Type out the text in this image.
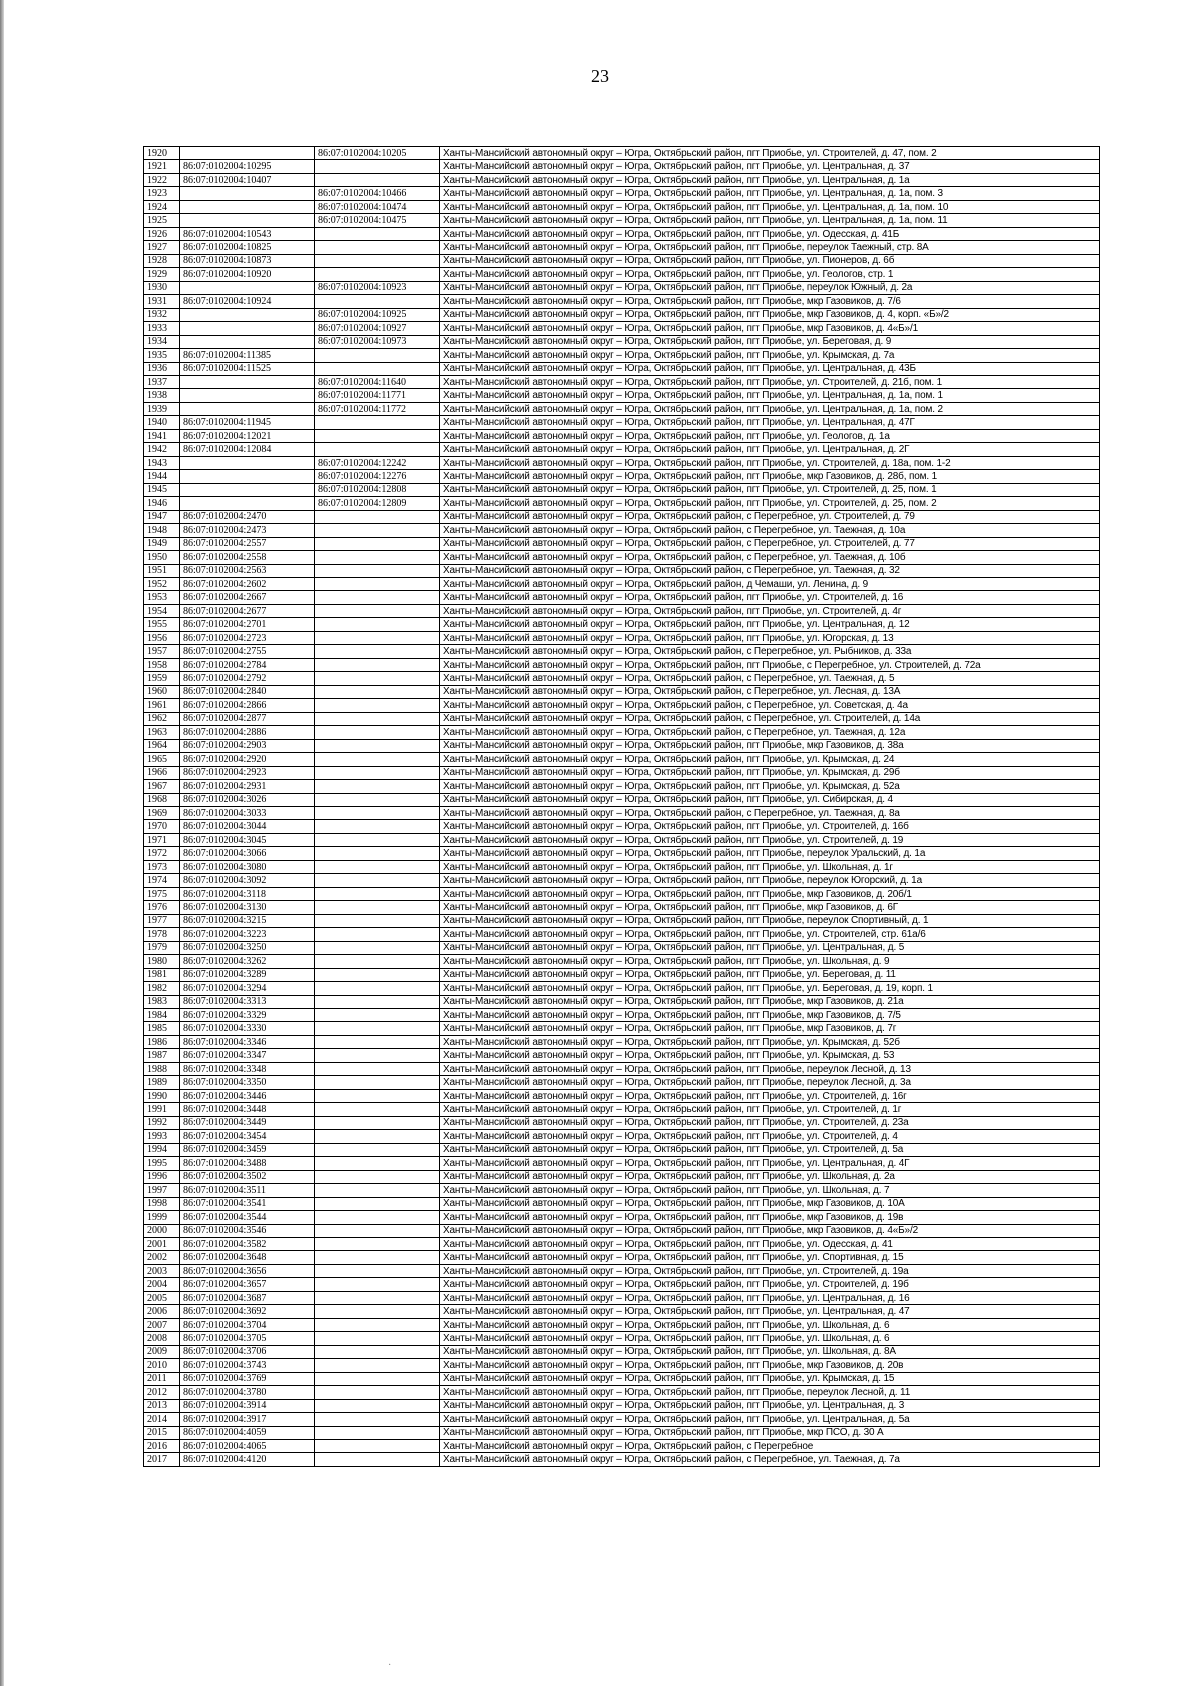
23
1920		86:07:0102004:10205	Ханты-Мансийский автономный округ – Югра, Октябрьский район, пгт Приобье, ул. Строителей, д. 47, пом. 2
1921	86:07:0102004:10295		Ханты-Мансийский автономный округ – Югра, Октябрьский район, пгт Приобье, ул. Центральная, д. 37
1922	86:07:0102004:10407		Ханты-Мансийский автономный округ – Югра, Октябрьский район, пгт Приобье, ул. Центральная, д. 1а
1923		86:07:0102004:10466	Ханты-Мансийский автономный округ – Югра, Октябрьский район, пгт Приобье, ул. Центральная, д. 1а, пом. 3
1924		86:07:0102004:10474	Ханты-Мансийский автономный округ – Югра, Октябрьский район, пгт Приобье, ул. Центральная, д. 1а, пом. 10
1925		86:07:0102004:10475	Ханты-Мансийский автономный округ – Югра, Октябрьский район, пгт Приобье, ул. Центральная, д. 1а, пом. 11
1926	86:07:0102004:10543		Ханты-Мансийский автономный округ – Югра, Октябрьский район, пгт Приобье, ул. Одесская, д. 41Б
1927	86:07:0102004:10825		Ханты-Мансийский автономный округ – Югра, Октябрьский район, пгт Приобье, переулок Таежный, стр. 8А
1928	86:07:0102004:10873		Ханты-Мансийский автономный округ – Югра, Октябрьский район, пгт Приобье, ул. Пионеров, д. 6б
1929	86:07:0102004:10920		Ханты-Мансийский автономный округ – Югра, Октябрьский район, пгт Приобье, ул. Геологов, стр. 1
1930		86:07:0102004:10923	Ханты-Мансийский автономный округ – Югра, Октябрьский район, пгт Приобье, переулок Южный, д. 2а
1931	86:07:0102004:10924		Ханты-Мансийский автономный округ – Югра, Октябрьский район, пгт Приобье, мкр Газовиков, д. 7/6
1932		86:07:0102004:10925	Ханты-Мансийский автономный округ – Югра, Октябрьский район, пгт Приобье, мкр Газовиков, д. 4, корп. «Б»/2
1933		86:07:0102004:10927	Ханты-Мансийский автономный округ – Югра, Октябрьский район, пгт Приобье, мкр Газовиков, д. 4«Б»/1
1934		86:07:0102004:10973	Ханты-Мансийский автономный округ – Югра, Октябрьский район, пгт Приобье, ул. Береговая, д. 9
1935	86:07:0102004:11385		Ханты-Мансийский автономный округ – Югра, Октябрьский район, пгт Приобье, ул. Крымская, д. 7а
1936	86:07:0102004:11525		Ханты-Мансийский автономный округ – Югра, Октябрьский район, пгт Приобье, ул. Центральная, д. 43Б
1937		86:07:0102004:11640	Ханты-Мансийский автономный округ – Югра, Октябрьский район, пгт Приобье, ул. Строителей, д. 21б, пом. 1
1938		86:07:0102004:11771	Ханты-Мансийский автономный округ – Югра, Октябрьский район, пгт Приобье, ул. Центральная, д. 1а, пом. 1
1939		86:07:0102004:11772	Ханты-Мансийский автономный округ – Югра, Октябрьский район, пгт Приобье, ул. Центральная, д. 1а, пом. 2
1940	86:07:0102004:11945		Ханты-Мансийский автономный округ – Югра, Октябрьский район, пгт Приобье, ул. Центральная, д. 47Г
1941	86:07:0102004:12021		Ханты-Мансийский автономный округ – Югра, Октябрьский район, пгт Приобье, ул. Геологов, д. 1а
1942	86:07:0102004:12084		Ханты-Мансийский автономный округ – Югра, Октябрьский район, пгт Приобье, ул. Центральная, д. 2Г
1943		86:07:0102004:12242	Ханты-Мансийский автономный округ – Югра, Октябрьский район, пгт Приобье, ул. Строителей, д. 18а, пом. 1-2
1944		86:07:0102004:12276	Ханты-Мансийский автономный округ – Югра, Октябрьский район, пгт Приобье, мкр Газовиков, д. 28б, пом. 1
1945		86:07:0102004:12808	Ханты-Мансийский автономный округ – Югра, Октябрьский район, пгт Приобье, ул. Строителей, д. 25, пом. 1
1946		86:07:0102004:12809	Ханты-Мансийский автономный округ – Югра, Октябрьский район, пгт Приобье, ул. Строителей, д. 25, пом. 2
1947	86:07:0102004:2470		Ханты-Мансийский автономный округ – Югра, Октябрьский район, с Перегребное, ул. Строителей, д. 79
1948	86:07:0102004:2473		Ханты-Мансийский автономный округ – Югра, Октябрьский район, с Перегребное, ул. Таежная, д. 10а
1949	86:07:0102004:2557		Ханты-Мансийский автономный округ – Югра, Октябрьский район, с Перегребное, ул. Строителей, д. 77
1950	86:07:0102004:2558		Ханты-Мансийский автономный округ – Югра, Октябрьский район, с Перегребное, ул. Таежная, д. 10б
1951	86:07:0102004:2563		Ханты-Мансийский автономный округ – Югра, Октябрьский район, с Перегребное, ул. Таежная, д. 32
1952	86:07:0102004:2602		Ханты-Мансийский автономный округ – Югра, Октябрьский район, д Чемаши, ул. Ленина, д. 9
1953	86:07:0102004:2667		Ханты-Мансийский автономный округ – Югра, Октябрьский район, пгт Приобье, ул. Строителей, д. 16
1954	86:07:0102004:2677		Ханты-Мансийский автономный округ – Югра, Октябрьский район, пгт Приобье, ул. Строителей, д. 4г
1955	86:07:0102004:2701		Ханты-Мансийский автономный округ – Югра, Октябрьский район, пгт Приобье, ул. Центральная, д. 12
1956	86:07:0102004:2723		Ханты-Мансийский автономный округ – Югра, Октябрьский район, пгт Приобье, ул. Югорская, д. 13
1957	86:07:0102004:2755		Ханты-Мансийский автономный округ – Югра, Октябрьский район, с Перегребное, ул. Рыбников, д. 33а
1958	86:07:0102004:2784		Ханты-Мансийский автономный округ – Югра, Октябрьский район, пгт Приобье, с Перегребное, ул. Строителей, д. 72а
1959	86:07:0102004:2792		Ханты-Мансийский автономный округ – Югра, Октябрьский район, с Перегребное, ул. Таежная, д. 5
1960	86:07:0102004:2840		Ханты-Мансийский автономный округ – Югра, Октябрьский район, с Перегребное, ул. Лесная, д. 13А
1961	86:07:0102004:2866		Ханты-Мансийский автономный округ – Югра, Октябрьский район, с Перегребное, ул. Советская, д. 4а
1962	86:07:0102004:2877		Ханты-Мансийский автономный округ – Югра, Октябрьский район, с Перегребное, ул. Строителей, д. 14а
1963	86:07:0102004:2886		Ханты-Мансийский автономный округ – Югра, Октябрьский район, с Перегребное, ул. Таежная, д. 12а
1964	86:07:0102004:2903		Ханты-Мансийский автономный округ – Югра, Октябрьский район, пгт Приобье, мкр Газовиков, д. 38а
1965	86:07:0102004:2920		Ханты-Мансийский автономный округ – Югра, Октябрьский район, пгт Приобье, ул. Крымская, д. 24
1966	86:07:0102004:2923		Ханты-Мансийский автономный округ – Югра, Октябрьский район, пгт Приобье, ул. Крымская, д. 29б
1967	86:07:0102004:2931		Ханты-Мансийский автономный округ – Югра, Октябрьский район, пгт Приобье, ул. Крымская, д. 52а
1968	86:07:0102004:3026		Ханты-Мансийский автономный округ – Югра, Октябрьский район, пгт Приобье, ул. Сибирская, д. 4
1969	86:07:0102004:3033		Ханты-Мансийский автономный округ – Югра, Октябрьский район, с Перегребное, ул. Таежная, д. 8а
1970	86:07:0102004:3044		Ханты-Мансийский автономный округ – Югра, Октябрьский район, пгт Приобье, ул. Строителей, д. 16б
1971	86:07:0102004:3045		Ханты-Мансийский автономный округ – Югра, Октябрьский район, пгт Приобье, ул. Строителей, д. 19
1972	86:07:0102004:3066		Ханты-Мансийский автономный округ – Югра, Октябрьский район, пгт Приобье, переулок Уральский, д. 1а
1973	86:07:0102004:3080		Ханты-Мансийский автономный округ – Югра, Октябрьский район, пгт Приобье, ул. Школьная, д. 1г
1974	86:07:0102004:3092		Ханты-Мансийский автономный округ – Югра, Октябрьский район, пгт Приобье, переулок Югорский, д. 1а
1975	86:07:0102004:3118		Ханты-Мансийский автономный округ – Югра, Октябрьский район, пгт Приобье, мкр Газовиков, д. 20б/1
1976	86:07:0102004:3130		Ханты-Мансийский автономный округ – Югра, Октябрьский район, пгт Приобье, мкр Газовиков, д. 6Г
1977	86:07:0102004:3215		Ханты-Мансийский автономный округ – Югра, Октябрьский район, пгт Приобье, переулок Спортивный, д. 1
1978	86:07:0102004:3223		Ханты-Мансийский автономный округ – Югра, Октябрьский район, пгт Приобье, ул. Строителей, стр. 61а/6
1979	86:07:0102004:3250		Ханты-Мансийский автономный округ – Югра, Октябрьский район, пгт Приобье, ул. Центральная, д. 5
1980	86:07:0102004:3262		Ханты-Мансийский автономный округ – Югра, Октябрьский район, пгт Приобье, ул. Школьная, д. 9
1981	86:07:0102004:3289		Ханты-Мансийский автономный округ – Югра, Октябрьский район, пгт Приобье, ул. Береговая, д. 11
1982	86:07:0102004:3294		Ханты-Мансийский автономный округ – Югра, Октябрьский район, пгт Приобье, ул. Береговая, д. 19, корп. 1
1983	86:07:0102004:3313		Ханты-Мансийский автономный округ – Югра, Октябрьский район, пгт Приобье, мкр Газовиков, д. 21а
1984	86:07:0102004:3329		Ханты-Мансийский автономный округ – Югра, Октябрьский район, пгт Приобье, мкр Газовиков, д. 7/5
1985	86:07:0102004:3330		Ханты-Мансийский автономный округ – Югра, Октябрьский район, пгт Приобье, мкр Газовиков, д. 7г
1986	86:07:0102004:3346		Ханты-Мансийский автономный округ – Югра, Октябрьский район, пгт Приобье, ул. Крымская, д. 52б
1987	86:07:0102004:3347		Ханты-Мансийский автономный округ – Югра, Октябрьский район, пгт Приобье, ул. Крымская, д. 53
1988	86:07:0102004:3348		Ханты-Мансийский автономный округ – Югра, Октябрьский район, пгт Приобье, переулок Лесной, д. 13
1989	86:07:0102004:3350		Ханты-Мансийский автономный округ – Югра, Октябрьский район, пгт Приобье, переулок Лесной, д. 3а
1990	86:07:0102004:3446		Ханты-Мансийский автономный округ – Югра, Октябрьский район, пгт Приобье, ул. Строителей, д. 16г
1991	86:07:0102004:3448		Ханты-Мансийский автономный округ – Югра, Октябрьский район, пгт Приобье, ул. Строителей, д. 1г
1992	86:07:0102004:3449		Ханты-Мансийский автономный округ – Югра, Октябрьский район, пгт Приобье, ул. Строителей, д. 23а
1993	86:07:0102004:3454		Ханты-Мансийский автономный округ – Югра, Октябрьский район, пгт Приобье, ул. Строителей, д. 4
1994	86:07:0102004:3459		Ханты-Мансийский автономный округ – Югра, Октябрьский район, пгт Приобье, ул. Строителей, д. 5а
1995	86:07:0102004:3488		Ханты-Мансийский автономный округ – Югра, Октябрьский район, пгт Приобье, ул. Центральная, д. 4Г
1996	86:07:0102004:3502		Ханты-Мансийский автономный округ – Югра, Октябрьский район, пгт Приобье, ул. Школьная, д. 2а
1997	86:07:0102004:3511		Ханты-Мансийский автономный округ – Югра, Октябрьский район, пгт Приобье, ул. Школьная, д. 7
1998	86:07:0102004:3541		Ханты-Мансийский автономный округ – Югра, Октябрьский район, пгт Приобье, мкр Газовиков, д. 10А
1999	86:07:0102004:3544		Ханты-Мансийский автономный округ – Югра, Октябрьский район, пгт Приобье, мкр Газовиков, д. 19в
2000	86:07:0102004:3546		Ханты-Мансийский автономный округ – Югра, Октябрьский район, пгт Приобье, мкр Газовиков, д. 4«Б»/2
2001	86:07:0102004:3582		Ханты-Мансийский автономный округ – Югра, Октябрьский район, пгт Приобье, ул. Одесская, д. 41
2002	86:07:0102004:3648		Ханты-Мансийский автономный округ – Югра, Октябрьский район, пгт Приобье, ул. Спортивная, д. 15
2003	86:07:0102004:3656		Ханты-Мансийский автономный округ – Югра, Октябрьский район, пгт Приобье, ул. Строителей, д. 19а
2004	86:07:0102004:3657		Ханты-Мансийский автономный округ – Югра, Октябрьский район, пгт Приобье, ул. Строителей, д. 19б
2005	86:07:0102004:3687		Ханты-Мансийский автономный округ – Югра, Октябрьский район, пгт Приобье, ул. Центральная, д. 16
2006	86:07:0102004:3692		Ханты-Мансийский автономный округ – Югра, Октябрьский район, пгт Приобье, ул. Центральная, д. 47
2007	86:07:0102004:3704		Ханты-Мансийский автономный округ – Югра, Октябрьский район, пгт Приобье, ул. Школьная, д. 6
2008	86:07:0102004:3705		Ханты-Мансийский автономный округ – Югра, Октябрьский район, пгт Приобье, ул. Школьная, д. 6
2009	86:07:0102004:3706		Ханты-Мансийский автономный округ – Югра, Октябрьский район, пгт Приобье, ул. Школьная, д. 8А
2010	86:07:0102004:3743		Ханты-Мансийский автономный округ – Югра, Октябрьский район, пгт Приобье, мкр Газовиков, д. 20в
2011	86:07:0102004:3769		Ханты-Мансийский автономный округ – Югра, Октябрьский район, пгт Приобье, ул. Крымская, д. 15
2012	86:07:0102004:3780		Ханты-Мансийский автономный округ – Югра, Октябрьский район, пгт Приобье, переулок Лесной, д. 11
2013	86:07:0102004:3914		Ханты-Мансийский автономный округ – Югра, Октябрьский район, пгт Приобье, ул. Центральная, д. 3
2014	86:07:0102004:3917		Ханты-Мансийский автономный округ – Югра, Октябрьский район, пгт Приобье, ул. Центральная, д. 5а
2015	86:07:0102004:4059		Ханты-Мансийский автономный округ – Югра, Октябрьский район, пгт Приобье, мкр ПСО, д. 30 А
2016	86:07:0102004:4065		Ханты-Мансийский автономный округ – Югра, Октябрьский район, с Перегребное
2017	86:07:0102004:4120		Ханты-Мансийский автономный округ – Югра, Октябрьский район, с Перегребное, ул. Таежная, д. 7а
·
